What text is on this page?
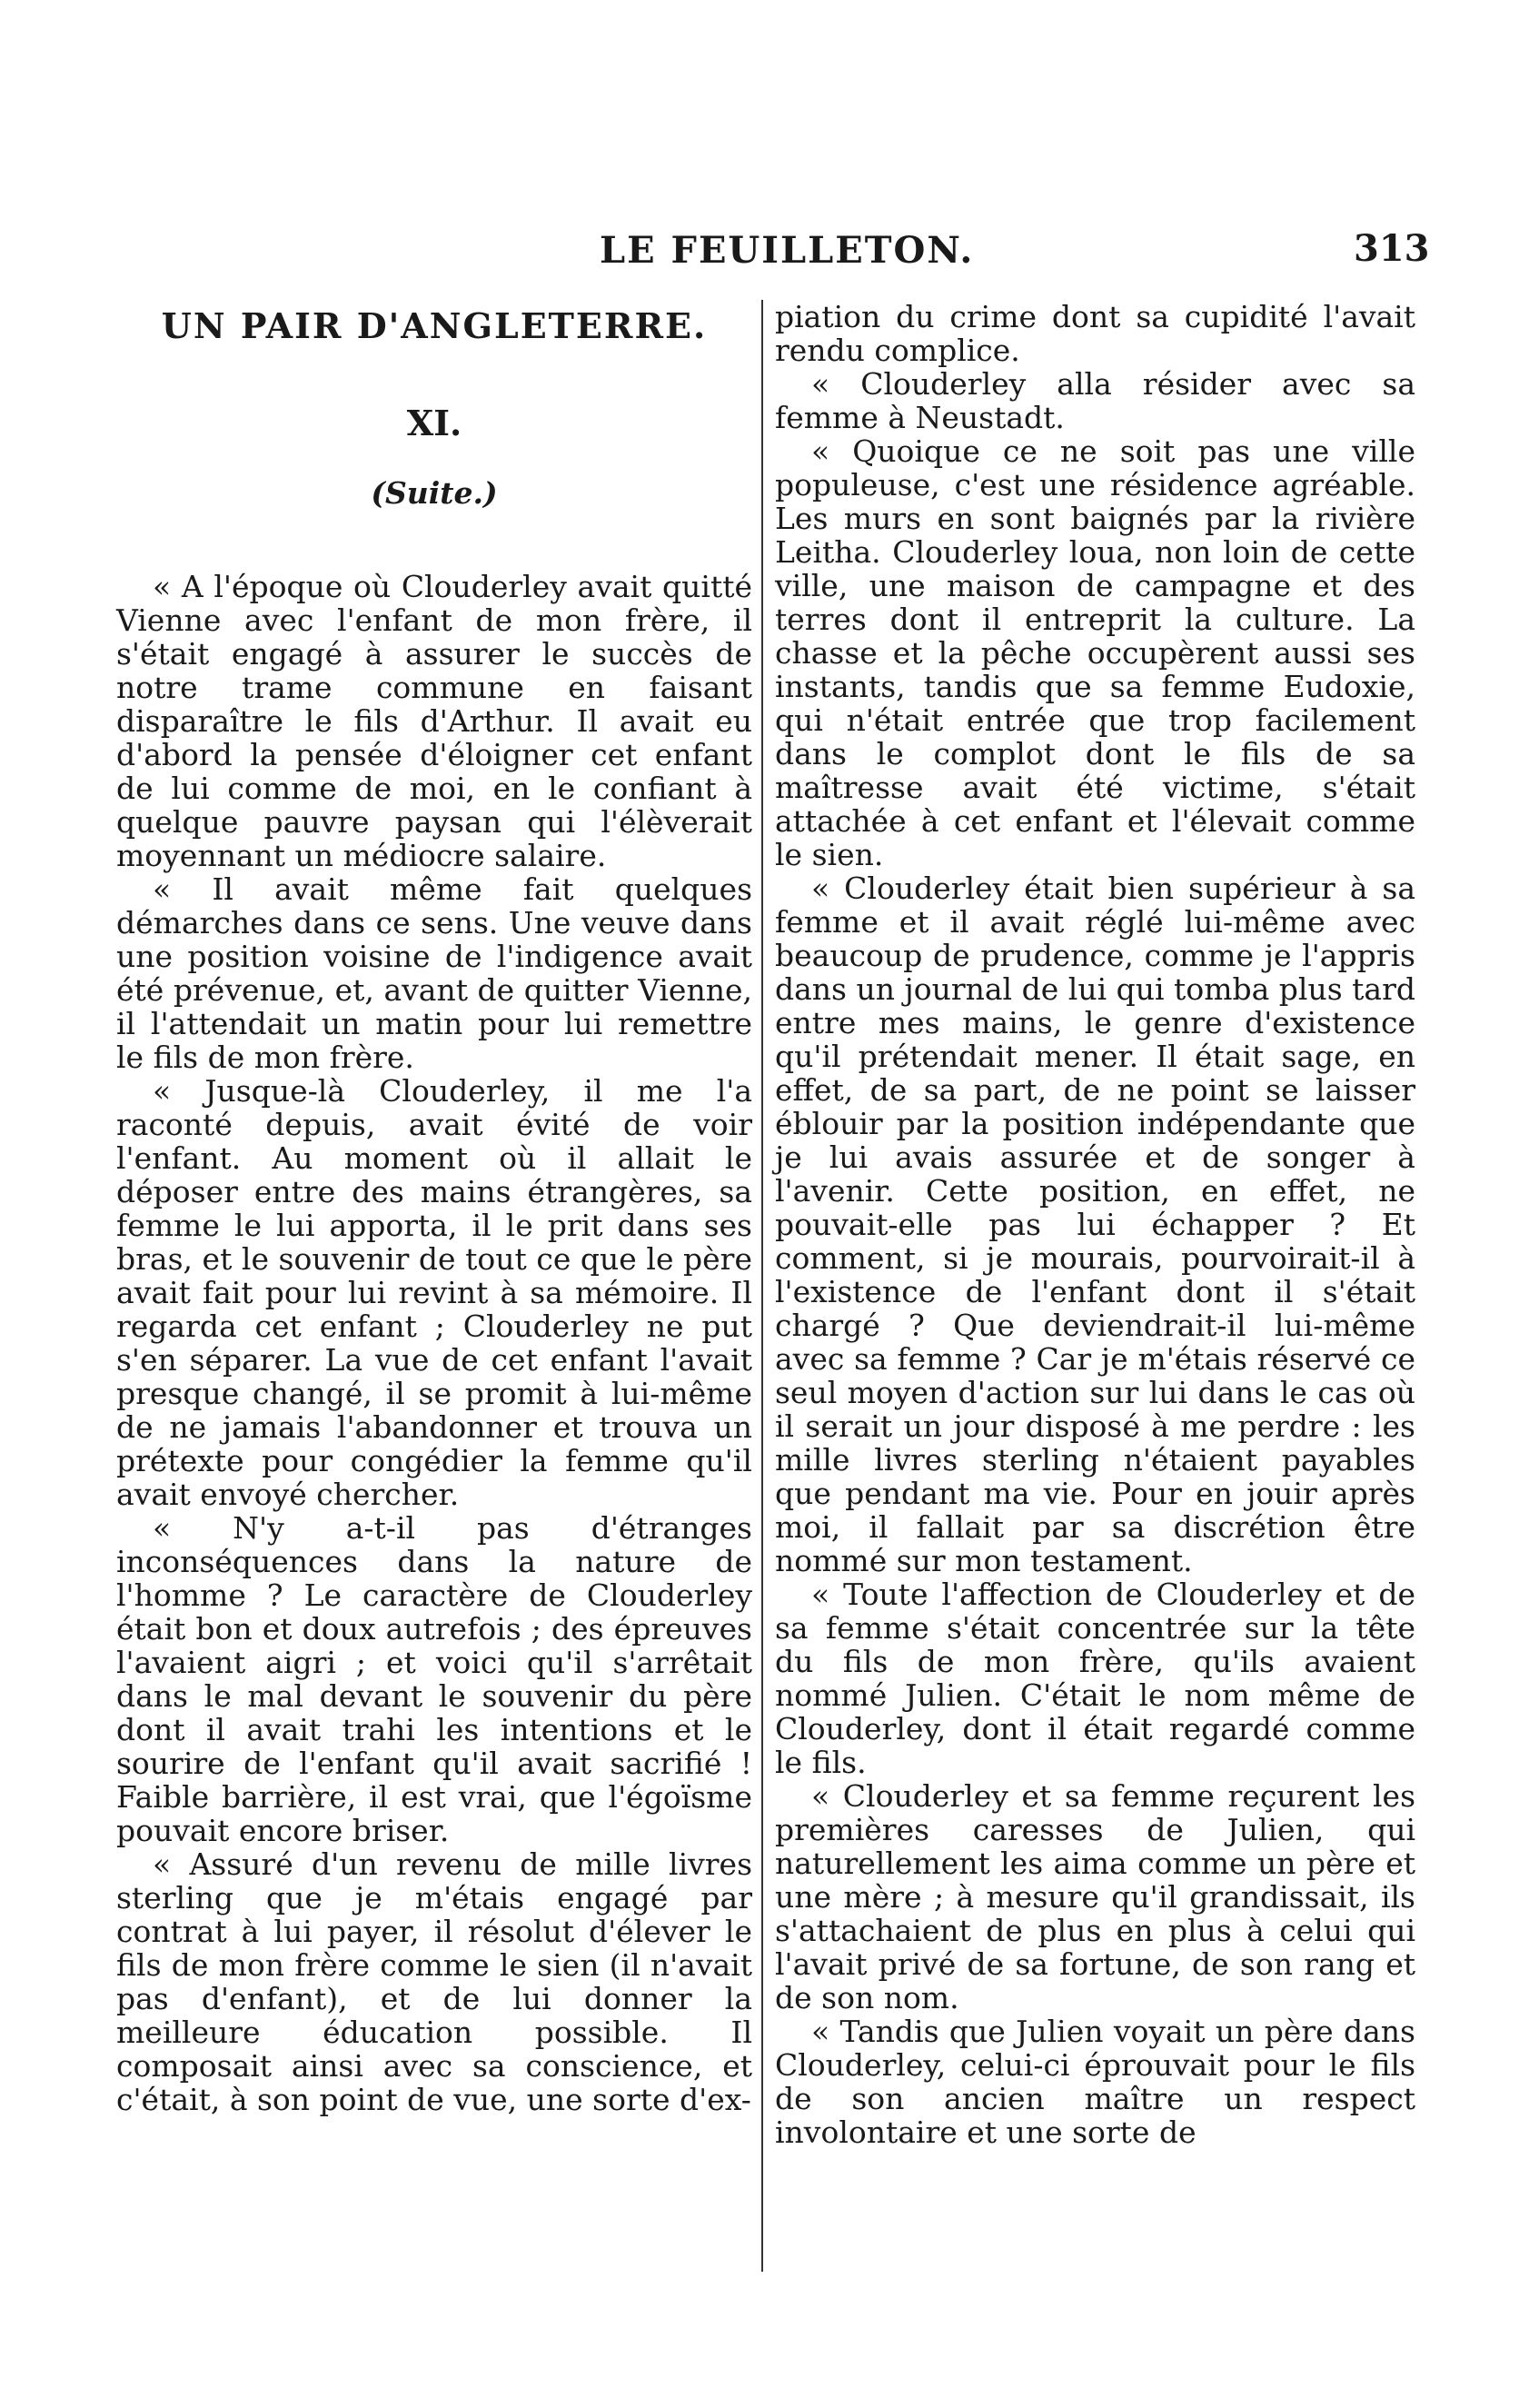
LE FEUILLETON.	313
UN PAIR D'ANGLETERRE.
XI.
(Suite.)

« A l'époque où Clouderley avait quitté Vienne avec l'enfant de mon frère, il s'était engagé à assurer le succès de notre trame commune en faisant disparaître le fils d'Arthur. Il avait eu d'abord la pensée d'éloigner cet enfant de lui comme de moi, en le confiant à quelque pauvre paysan qui l'élèverait moyennant un médiocre salaire.

« Il avait même fait quelques démarches dans ce sens. Une veuve dans une position voisine de l'indigence avait été prévenue, et, avant de quitter Vienne, il l'attendait un matin pour lui remettre le fils de mon frère.

« Jusque-là Clouderley, il me l'a raconté depuis, avait évité de voir l'enfant. Au moment où il allait le déposer entre des mains étrangères, sa femme le lui apporta, il le prit dans ses bras, et le souvenir de tout ce que le père avait fait pour lui revint à sa mémoire. Il regarda cet enfant ; Clouderley ne put s'en séparer. La vue de cet enfant l'avait presque changé, il se promit à lui-même de ne jamais l'abandonner et trouva un prétexte pour congédier la femme qu'il avait envoyé chercher.

« N'y a-t-il pas d'étranges inconséquences dans la nature de l'homme ? Le caractère de Clouderley était bon et doux autrefois ; des épreuves l'avaient aigri ; et voici qu'il s'arrêtait dans le mal devant le souvenir du père dont il avait trahi les intentions et le sourire de l'enfant qu'il avait sacrifié ! Faible barrière, il est vrai, que l'égoïsme pouvait encore briser.

« Assuré d'un revenu de mille livres sterling que je m'étais engagé par contrat à lui payer, il résolut d'élever le fils de mon frère comme le sien (il n'avait pas d'enfant), et de lui donner la meilleure éducation possible. Il composait ainsi avec sa conscience, et c'était, à son point de vue, une sorte d'ex-

piation du crime dont sa cupidité l'avait rendu complice.

« Clouderley alla résider avec sa femme à Neustadt.

« Quoique ce ne soit pas une ville populeuse, c'est une résidence agréable. Les murs en sont baignés par la rivière Leitha. Clouderley loua, non loin de cette ville, une maison de campagne et des terres dont il entreprit la culture. La chasse et la pêche occupèrent aussi ses instants, tandis que sa femme Eudoxie, qui n'était entrée que trop facilement dans le complot dont le fils de sa maîtresse avait été victime, s'était attachée à cet enfant et l'élevait comme le sien.

« Clouderley était bien supérieur à sa femme et il avait réglé lui-même avec beaucoup de prudence, comme je l'appris dans un journal de lui qui tomba plus tard entre mes mains, le genre d'existence qu'il prétendait mener. Il était sage, en effet, de sa part, de ne point se laisser éblouir par la position indépendante que je lui avais assurée et de songer à l'avenir. Cette position, en effet, ne pouvait-elle pas lui échapper ? Et comment, si je mourais, pourvoirait-il à l'existence de l'enfant dont il s'était chargé ? Que deviendrait-il lui-même avec sa femme ? Car je m'étais réservé ce seul moyen d'action sur lui dans le cas où il serait un jour disposé à me perdre : les mille livres sterling n'étaient payables que pendant ma vie. Pour en jouir après moi, il fallait par sa discrétion être nommé sur mon testament.

« Toute l'affection de Clouderley et de sa femme s'était concentrée sur la tête du fils de mon frère, qu'ils avaient nommé Julien. C'était le nom même de Clouderley, dont il était regardé comme le fils.

« Clouderley et sa femme reçurent les premières caresses de Julien, qui naturellement les aima comme un père et une mère ; à mesure qu'il grandissait, ils s'attachaient de plus en plus à celui qui l'avait privé de sa fortune, de son rang et de son nom.

« Tandis que Julien voyait un père dans Clouderley, celui-ci éprouvait pour le fils de son ancien maître un respect involontaire et une sorte de
